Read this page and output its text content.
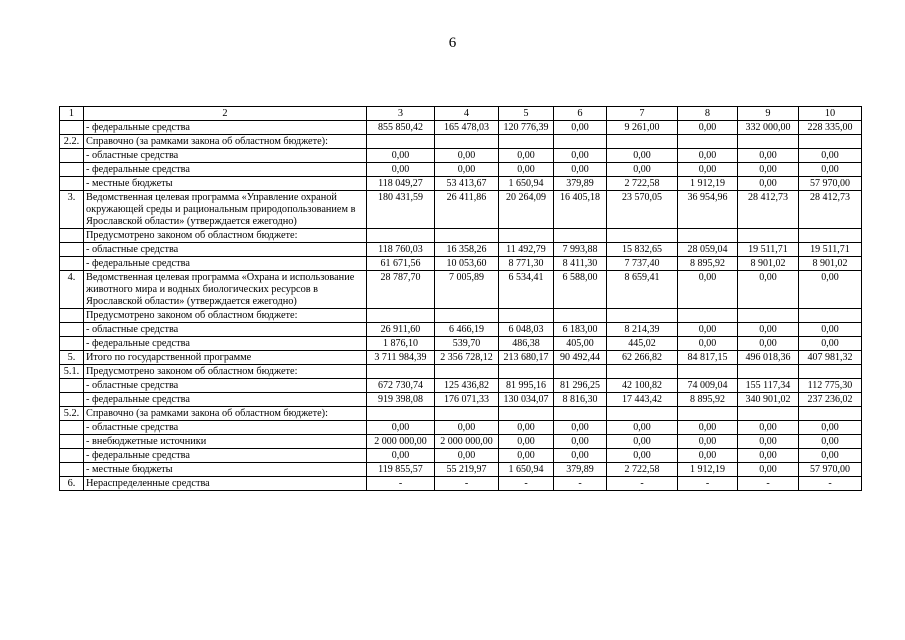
6
1	2	3	4	5	6	7	8	9	10
	- федеральные средства	855 850,42	165 478,03	120 776,39	0,00	9 261,00	0,00	332 000,00	228 335,00
2.2.	Справочно (за рамками закона об областном бюджете):								
	- областные средства	0,00	0,00	0,00	0,00	0,00	0,00	0,00	0,00
	- федеральные средства	0,00	0,00	0,00	0,00	0,00	0,00	0,00	0,00
	- местные бюджеты	118 049,27	53 413,67	1 650,94	379,89	2 722,58	1 912,19	0,00	57 970,00
3.	Ведомственная целевая программа «Управление охраной окружающей среды и рациональным природопользованием в Ярославской области» (утверждается ежегодно)	180 431,59	26 411,86	20 264,09	16 405,18	23 570,05	36 954,96	28 412,73	28 412,73
	Предусмотрено законом об областном бюджете:								
	- областные средства	118 760,03	16 358,26	11 492,79	7 993,88	15 832,65	28 059,04	19 511,71	19 511,71
	- федеральные средства	61 671,56	10 053,60	8 771,30	8 411,30	7 737,40	8 895,92	8 901,02	8 901,02
4.	Ведомственная целевая программа «Охрана и использование животного мира и водных биологических ресурсов в Ярославской области» (утверждается ежегодно)	28 787,70	7 005,89	6 534,41	6 588,00	8 659,41	0,00	0,00	0,00
	Предусмотрено законом об областном бюджете:								
	- областные средства	26 911,60	6 466,19	6 048,03	6 183,00	8 214,39	0,00	0,00	0,00
	- федеральные средства	1 876,10	539,70	486,38	405,00	445,02	0,00	0,00	0,00
5.	Итого по государственной программе	3 711 984,39	2 356 728,12	213 680,17	90 492,44	62 266,82	84 817,15	496 018,36	407 981,32
5.1.	Предусмотрено законом об областном бюджете:								
	- областные средства	672 730,74	125 436,82	81 995,16	81 296,25	42 100,82	74 009,04	155 117,34	112 775,30
	- федеральные средства	919 398,08	176 071,33	130 034,07	8 816,30	17 443,42	8 895,92	340 901,02	237 236,02
5.2.	Справочно (за рамками закона об областном бюджете):								
	- областные средства	0,00	0,00	0,00	0,00	0,00	0,00	0,00	0,00
	- внебюджетные источники	2 000 000,00	2 000 000,00	0,00	0,00	0,00	0,00	0,00	0,00
	- федеральные средства	0,00	0,00	0,00	0,00	0,00	0,00	0,00	0,00
	- местные бюджеты	119 855,57	55 219,97	1 650,94	379,89	2 722,58	1 912,19	0,00	57 970,00
6.	Нераспределенные средства	-	-	-	-	-	-	-	-
